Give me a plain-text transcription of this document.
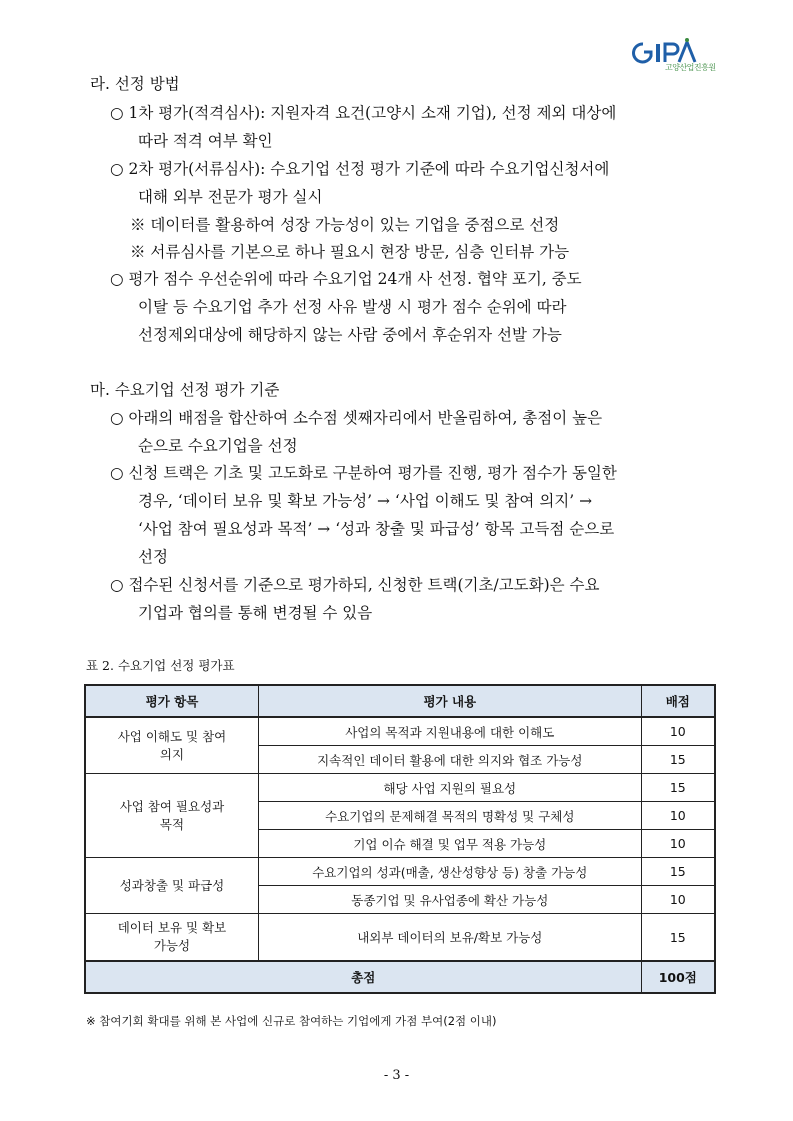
고양산업진흥원
라. 선정 방법
○ 1차 평가(적격심사): 지원자격 요건(고양시 소재 기업), 선정 제외 대상에
따라 적격 여부 확인
○ 2차 평가(서류심사): 수요기업 선정 평가 기준에 따라 수요기업신청서에
대해 외부 전문가 평가 실시
※ 데이터를 활용하여 성장 가능성이 있는 기업을 중점으로 선정
※ 서류심사를 기본으로 하나 필요시 현장 방문, 심층 인터뷰 가능
○ 평가 점수 우선순위에 따라 수요기업 24개 사 선정. 협약 포기, 중도
이탈 등 수요기업 추가 선정 사유 발생 시 평가 점수 순위에 따라
선정제외대상에 해당하지 않는 사람 중에서 후순위자 선발 가능
마. 수요기업 선정 평가 기준
○ 아래의 배점을 합산하여 소수점 셋째자리에서 반올림하여, 총점이 높은
순으로 수요기업을 선정
○ 신청 트랙은 기초 및 고도화로 구분하여 평가를 진행, 평가 점수가 동일한
경우, ‘데이터 보유 및 확보 가능성’ → ‘사업 이해도 및 참여 의지’ →
‘사업 참여 필요성과 목적’ → ‘성과 창출 및 파급성’ 항목 고득점 순으로
선정
○ 접수된 신청서를 기준으로 평가하되, 신청한 트랙(기초/고도화)은 수요
기업과 협의를 통해 변경될 수 있음
표 2. 수요기업 선정 평가표
평가 항목	평가 내용	배점

사업 이해도 및 참여
의지	사업의 목적과 지원내용에 대한 이해도	10
	지속적인 데이터 활용에 대한 의지와 협조 가능성	15

사업 참여 필요성과
목적	해당 사업 지원의 필요성	15
	수요기업의 문제해결 목적의 명확성 및 구체성	10
	기업 이슈 해결 및 업무 적용 가능성	10

성과창출 및 파급성	수요기업의 성과(매출, 생산성향상 등) 창출 가능성	15
	동종기업 및 유사업종에 확산 가능성	10

데이터 보유 및 확보
가능성	내외부 데이터의 보유/확보 가능성	15
총점		100점
※ 참여기회 확대를 위해 본 사업에 신규로 참여하는 기업에게 가점 부여(2점 이내)
- 3 -
